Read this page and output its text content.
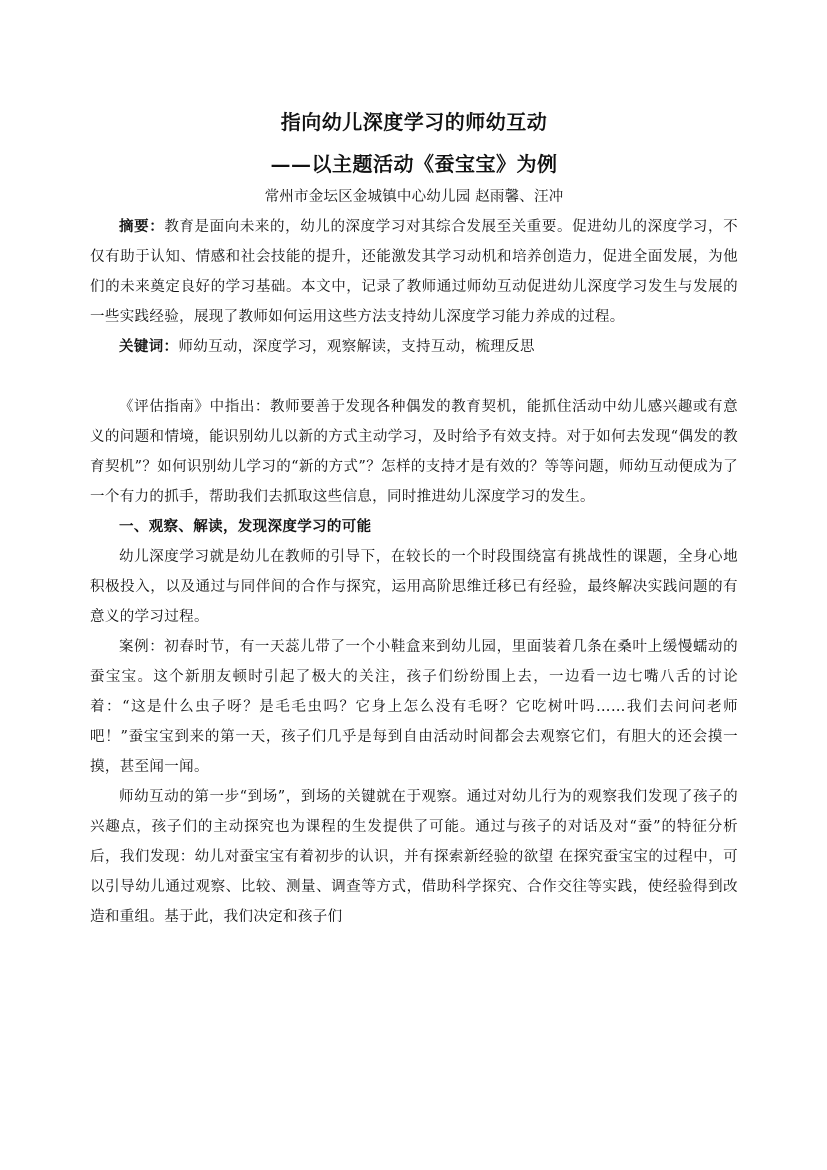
指向幼儿深度学习的师幼互动
——以主题活动《蚕宝宝》为例
常州市金坛区金城镇中心幼儿园 赵雨馨、汪冲

摘要：教育是面向未来的，幼儿的深度学习对其综合发展至关重要。促进幼儿的深度学习，不仅有助于认知、情感和社会技能的提升，还能激发其学习动机和培养创造力，促进全面发展，为他们的未来奠定良好的学习基础。本文中，记录了教师通过师幼互动促进幼儿深度学习发生与发展的一些实践经验，展现了教师如何运用这些方法支持幼儿深度学习能力养成的过程。

关键词：师幼互动，深度学习，观察解读，支持互动，梳理反思

《评估指南》中指出：教师要善于发现各种偶发的教育契机，能抓住活动中幼儿感兴趣或有意义的问题和情境，能识别幼儿以新的方式主动学习，及时给予有效支持。对于如何去发现“偶发的教育契机”？如何识别幼儿学习的“新的方式”？怎样的支持才是有效的？等等问题，师幼互动便成为了一个有力的抓手，帮助我们去抓取这些信息，同时推进幼儿深度学习的发生。

一、观察、解读，发现深度学习的可能

幼儿深度学习就是幼儿在教师的引导下，在较长的一个时段围绕富有挑战性的课题，全身心地积极投入，以及通过与同伴间的合作与探究，运用高阶思维迁移已有经验，最终解决实践问题的有意义的学习过程。

案例：初春时节，有一天蕊儿带了一个小鞋盒来到幼儿园，里面装着几条在桑叶上缓慢蠕动的蚕宝宝。这个新朋友顿时引起了极大的关注，孩子们纷纷围上去，一边看一边七嘴八舌的讨论着：“这是什么虫子呀？是毛毛虫吗？它身上怎么没有毛呀？它吃树叶吗……我们去问问老师吧！”蚕宝宝到来的第一天，孩子们几乎是每到自由活动时间都会去观察它们，有胆大的还会摸一摸，甚至闻一闻。

师幼互动的第一步“到场”，到场的关键就在于观察。通过对幼儿行为的观察我们发现了孩子的兴趣点，孩子们的主动探究也为课程的生发提供了可能。通过与孩子的对话及对“蚕”的特征分析后，我们发现：幼儿对蚕宝宝有着初步的认识，并有探索新经验的欲望 在探究蚕宝宝的过程中，可以引导幼儿通过观察、比较、测量、调查等方式，借助科学探究、合作交往等实践，使经验得到改造和重组。基于此，我们决定和孩子们
